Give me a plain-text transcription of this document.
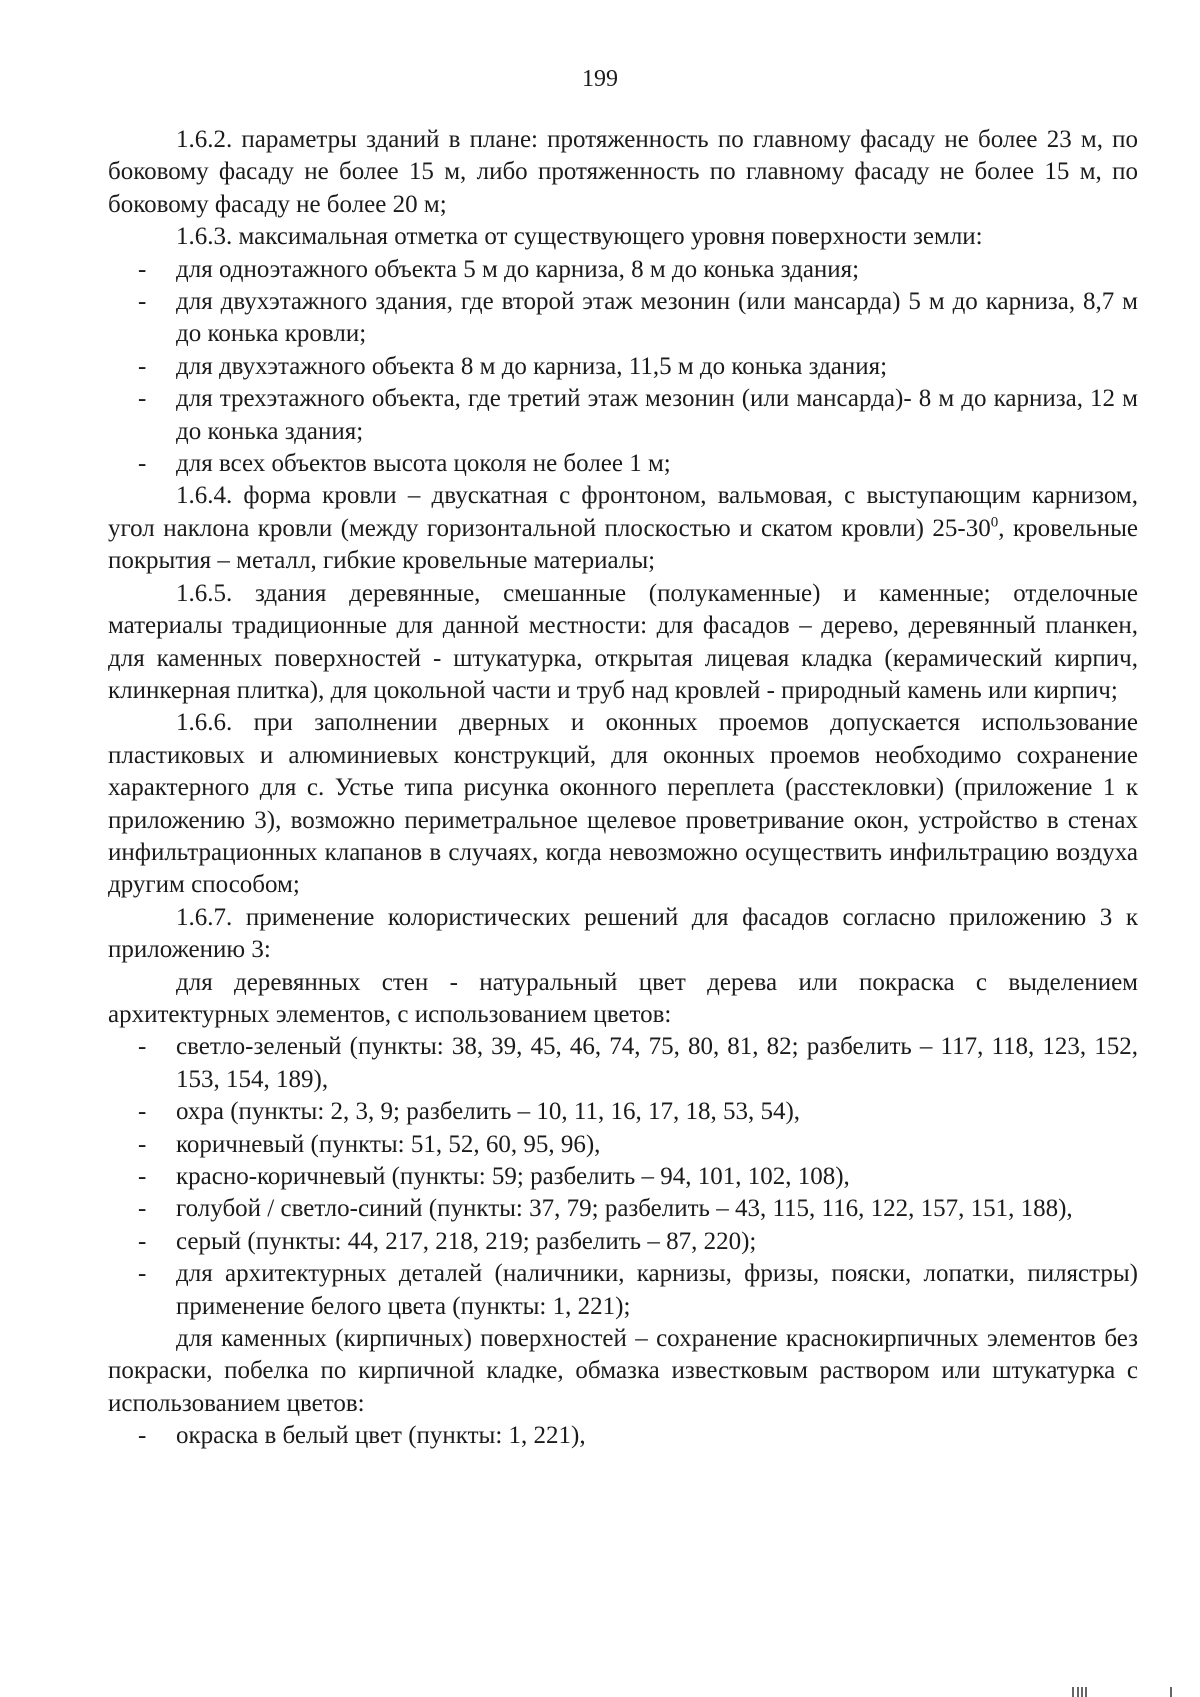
199

1.6.2. параметры зданий в плане: протяженность по главному фасаду не более 23 м, по боковому фасаду не более 15 м, либо протяженность по главному фасаду не более 15 м, по боковому фасаду не более 20 м;

1.6.3. максимальная отметка от существующего уровня поверхности земли:

- для одноэтажного объекта 5 м до карниза, 8 м до конька здания;
- для двухэтажного здания, где второй этаж мезонин (или мансарда) 5 м до карниза, 8,7 м до конька кровли;
- для двухэтажного объекта 8 м до карниза, 11,5 м до конька здания;
- для трехэтажного объекта, где третий этаж мезонин (или мансарда)- 8 м до карниза, 12 м до конька здания;
- для всех объектов высота цоколя не более 1 м;

1.6.4. форма кровли – двускатная с фронтоном, вальмовая, с выступающим карнизом, угол наклона кровли (между горизонтальной плоскостью и скатом кровли) $25-30^0$, кровельные покрытия – металл, гибкие кровельные материалы;

1.6.5. здания деревянные, смешанные (полукаменные) и каменные; отделочные материалы традиционные для данной местности: для фасадов – дерево, деревянный планкен, для каменных поверхностей - штукатурка, открытая лицевая кладка (керамический кирпич, клинкерная плитка), для цокольной части и труб над кровлей - природный камень или кирпич;

1.6.6. при заполнении дверных и оконных проемов допускается использование пластиковых и алюминиевых конструкций, для оконных проемов необходимо сохранение характерного для с. Устье типа рисунка оконного переплета (расстекловки) (приложение 1 к приложению 3), возможно периметральное щелевое проветривание окон, устройство в стенах инфильтрационных клапанов в случаях, когда невозможно осуществить инфильтрацию воздуха другим способом;

1.6.7. применение колористических решений для фасадов согласно приложению 3 к приложению 3:

для деревянных стен - натуральный цвет дерева или покраска с выделением архитектурных элементов, с использованием цветов:

- светло-зеленый (пункты: 38, 39, 45, 46, 74, 75, 80, 81, 82; разбелить – 117, 118, 123, 152, 153, 154, 189),
- охра (пункты: 2, 3, 9; разбелить – 10, 11, 16, 17, 18, 53, 54),
- коричневый (пункты: 51, 52, 60, 95, 96),
- красно-коричневый (пункты: 59; разбелить – 94, 101, 102, 108),
- голубой / светло-синий (пункты: 37, 79; разбелить – 43, 115, 116, 122, 157, 151, 188),
- серый (пункты: 44, 217, 218, 219; разбелить – 87, 220);
- для архитектурных деталей (наличники, карнизы, фризы, пояски, лопатки, пилястры) применение белого цвета (пункты: 1, 221);

для каменных (кирпичных) поверхностей – сохранение краснокирпичных элементов без покраски, побелка по кирпичной кладке, обмазка известковым раствором или штукатурка с использованием цветов:

- окраска в белый цвет (пункты: 1, 221),
